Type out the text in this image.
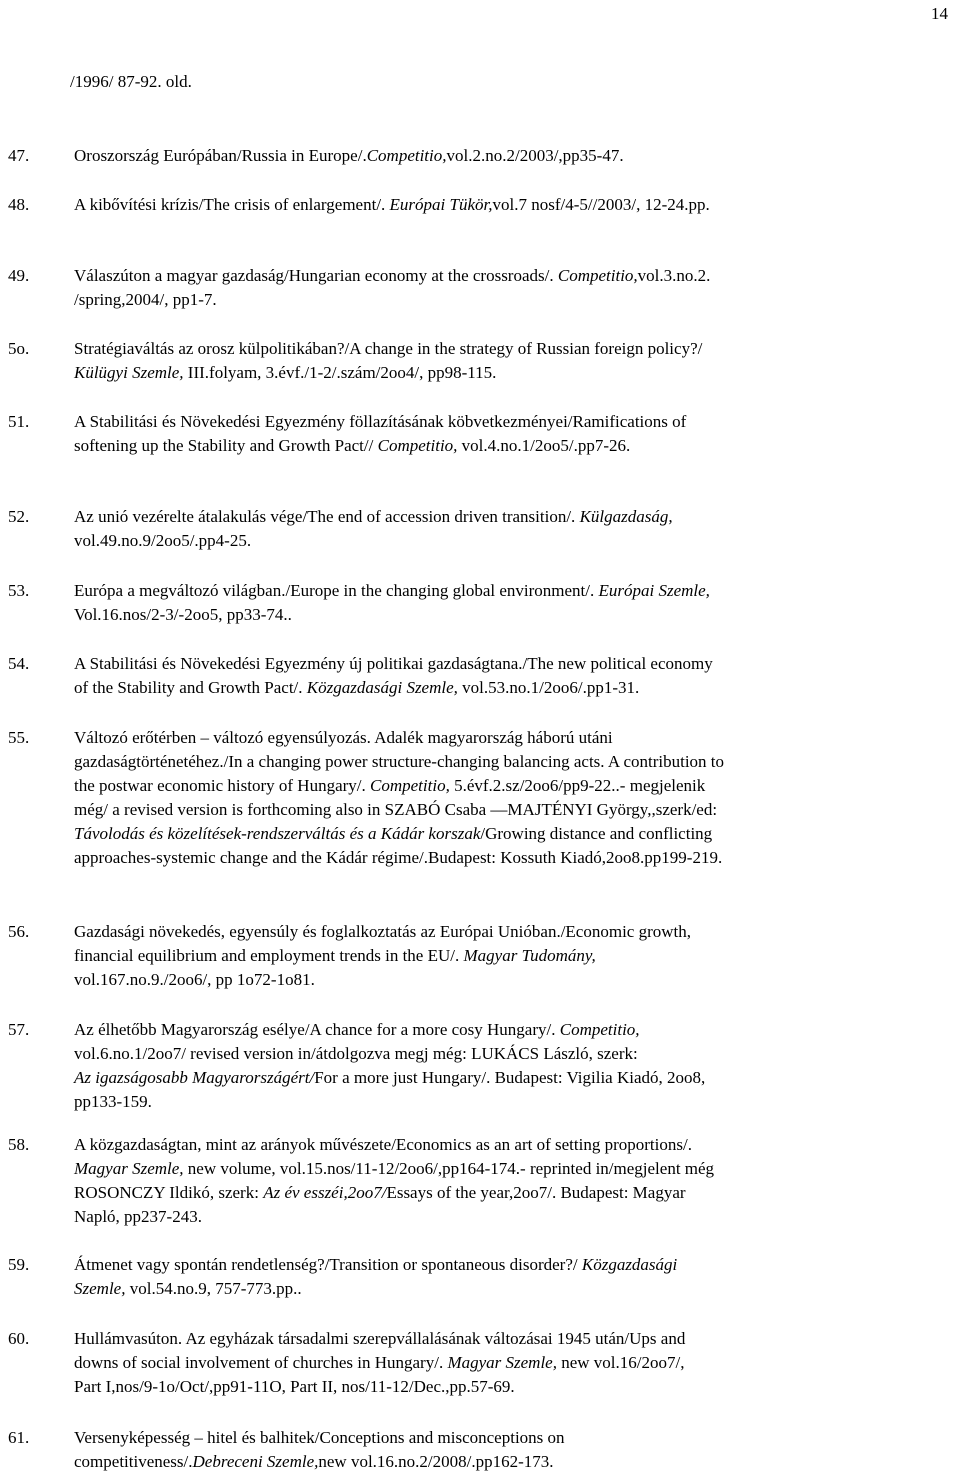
14
/1996/ 87-92. old.
47.	Oroszország Európában/Russia in Europe/.Competitio,vol.2.no.2/2003/,pp35-47.
48.	A kibővítési krízis/The crisis of enlargement/. Európai Tükör,vol.7 nosf/4-5//2003/, 12-24.pp.
49.	Válaszúton a magyar gazdaság/Hungarian economy at the crossroads/. Competitio,vol.3.no.2.
/spring,2004/, pp1-7.
5o.	Stratégiaváltás az orosz külpolitikában?/A change in the strategy of Russian foreign policy?/
Külügyi Szemle, III.folyam, 3.évf./1-2/.szám/2oo4/, pp98-115.
51.	A Stabilitási és Növekedési Egyezmény föllazításának köbvetkezményei/Ramifications of
softening up the Stability and Growth Pact// Competitio, vol.4.no.1/2oo5/.pp7-26.
52.	Az unió vezérelte átalakulás vége/The end of accession driven transition/. Külgazdaság,
vol.49.no.9/2oo5/.pp4-25.
53.	Európa a megváltozó világban./Europe in the changing global environment/. Európai Szemle,
Vol.16.nos/2-3/-2oo5, pp33-74..
54.	A Stabilitási és Növekedési Egyezmény új politikai gazdaságtana./The new political economy
of the Stability and Growth Pact/. Közgazdasági Szemle, vol.53.no.1/2oo6/.pp1-31.
55.	Változó erőtérben – változó egyensúlyozás. Adalék magyarország háború utáni
gazdaságtörténetéhez./In a changing power structure-changing balancing acts. A contribution to
the postwar economic history of Hungary/. Competitio, 5.évf.2.sz/2oo6/pp9-22..- megjelenik
még/ a revised version is forthcoming also in SZABÓ Csaba —MAJTÉNYI György,,szerk/ed:
Távolodás és közelítések-rendszerváltás és a Kádár korszak/Growing distance and conflicting
approaches-systemic change and the Kádár régime/.Budapest: Kossuth Kiadó,2oo8.pp199-219.
56.	Gazdasági növekedés, egyensúly és foglalkoztatás az Európai Unióban./Economic growth,
financial equilibrium and employment trends in the EU/. Magyar Tudomány,
vol.167.no.9./2oo6/, pp 1o72-1o81.
57.	Az élhetőbb Magyarország esélye/A chance for a more cosy Hungary/. Competitio,
vol.6.no.1/2oo7/ revised version in/átdolgozva megj még: LUKÁCS László, szerk:
Az igazságosabb Magyarországért/For a more just Hungary/. Budapest: Vigilia Kiadó, 2oo8,
pp133-159.
58.	A közgazdaságtan, mint az arányok művészete/Economics as an art of setting proportions/.
Magyar Szemle, new volume, vol.15.nos/11-12/2oo6/,pp164-174.- reprinted in/megjelent még
ROSONCZY Ildikó, szerk: Az év esszéi,2oo7/Essays of the year,2oo7/. Budapest: Magyar
Napló, pp237-243.
59.	Átmenet vagy spontán rendetlenség?/Transition or spontaneous disorder?/ Közgazdasági
Szemle, vol.54.no.9, 757-773.pp..
60.	Hullámvasúton. Az egyházak társadalmi szerepvállalásának változásai 1945 után/Ups and
downs of social involvement of churches in Hungary/. Magyar Szemle, new vol.16/2oo7/,
Part I,nos/9-1o/Oct/,pp91-11O, Part II, nos/11-12/Dec.,pp.57-69.
61.	Versenyképesség – hitel és balhitek/Conceptions and misconceptions on
competitiveness/.Debreceni Szemle,new vol.16.no.2/2008/.pp162-173.
